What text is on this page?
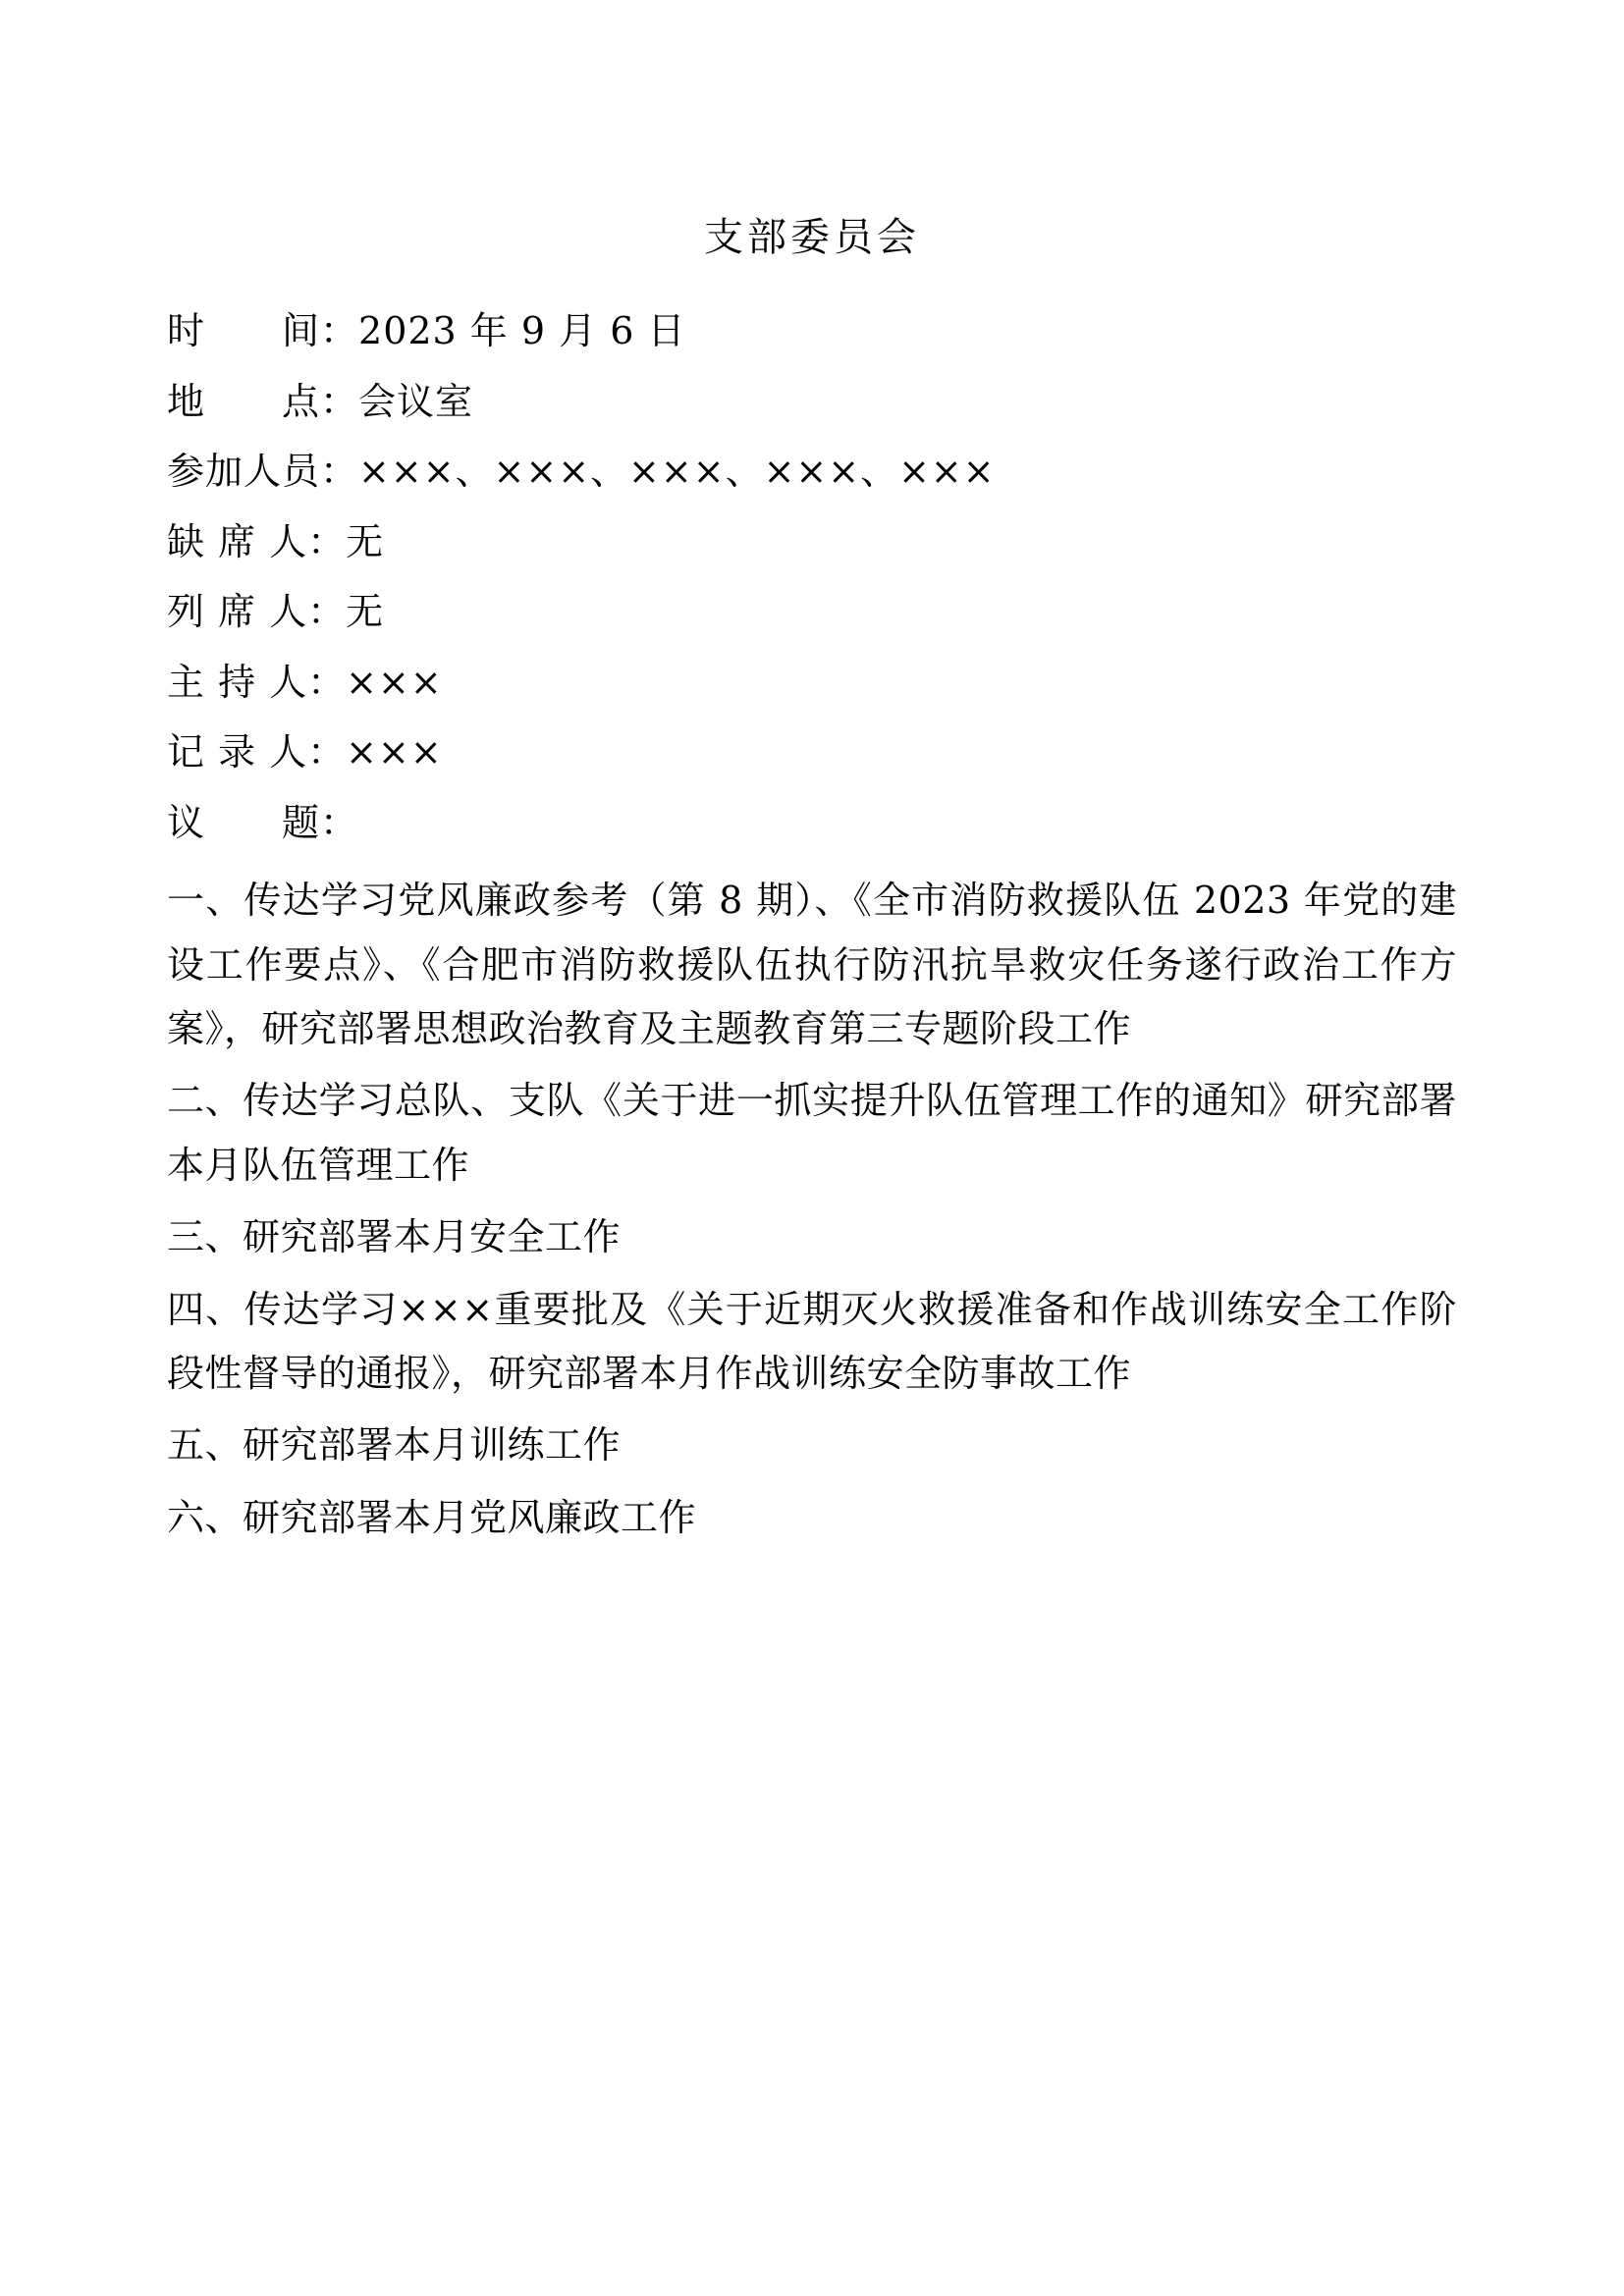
支部委员会
时　　间：2023 年 9 月 6 日
地　　点：会议室
参加人员：×××、×××、×××、×××、×××
缺 席 人：无
列 席 人：无
主 持 人：×××
记 录 人：×××
议　　题：

一、传达学习党风廉政参考（第 8 期）、《全市消防救援队伍 2023 年党的建设工作要点》、《合肥市消防救援队伍执行防汛抗旱救灾任务遂行政治工作方案》，研究部署思想政治教育及主题教育第三专题阶段工作

二、传达学习总队、支队《关于进一抓实提升队伍管理工作的通知》研究部署本月队伍管理工作

三、研究部署本月安全工作

四、传达学习×××重要批及《关于近期灭火救援准备和作战训练安全工作阶段性督导的通报》，研究部署本月作战训练安全防事故工作

五、研究部署本月训练工作

六、研究部署本月党风廉政工作
